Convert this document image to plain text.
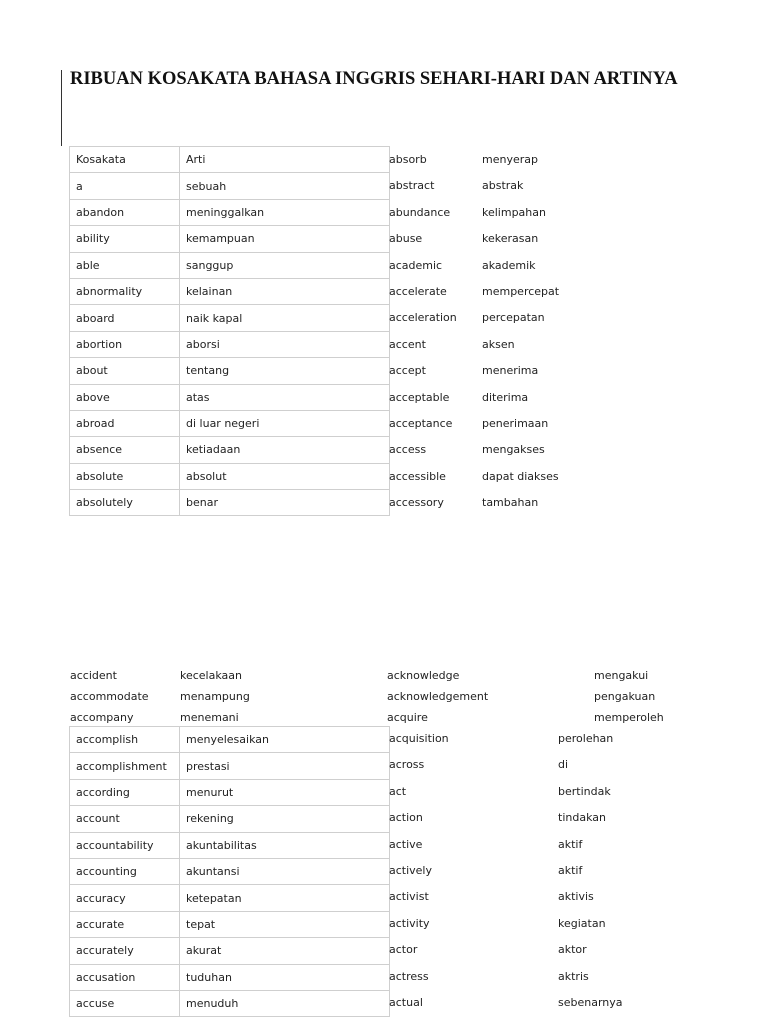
RIBUAN KOSAKATA BAHASA INGGRIS SEHARI-HARI DAN ARTINYA
Kosakata	Arti
a	sebuah
abandon	meninggalkan
ability	kemampuan
able	sanggup
abnormality	kelainan
aboard	naik kapal
abortion	aborsi
about	tentang
above	atas
abroad	di luar negeri
absence	ketiadaan
absolute	absolut
absolutely	benar
absorb	menyerap
abstract	abstrak
abundance	kelimpahan
abuse	kekerasan
academic	akademik
accelerate	mempercepat
acceleration percepatan
accent	aksen
accept	menerima
acceptable	diterima
acceptance	penerimaan
access	mengakses
accessible	dapat diakses
accessory	tambahan
accident	kecelakaan
accommodate	menampung
accompany	menemani
acknowledge	mengakui
acknowledgement	pengakuan
acquire	memperoleh
accomplish	menyelesaikan
accomplishment	prestasi
according	menurut
account	rekening
accountability	akuntabilitas
accounting	akuntansi
accuracy	ketepatan
accurate	tepat
accurately	akurat
accusation	tuduhan
accuse	menuduh
acquisition	perolehan
across	di
act	bertindak
action	tindakan
active	aktif
actively	aktif
activist	aktivis
activity	kegiatan
actor	aktor
actress	aktris
actual	sebenarnya
